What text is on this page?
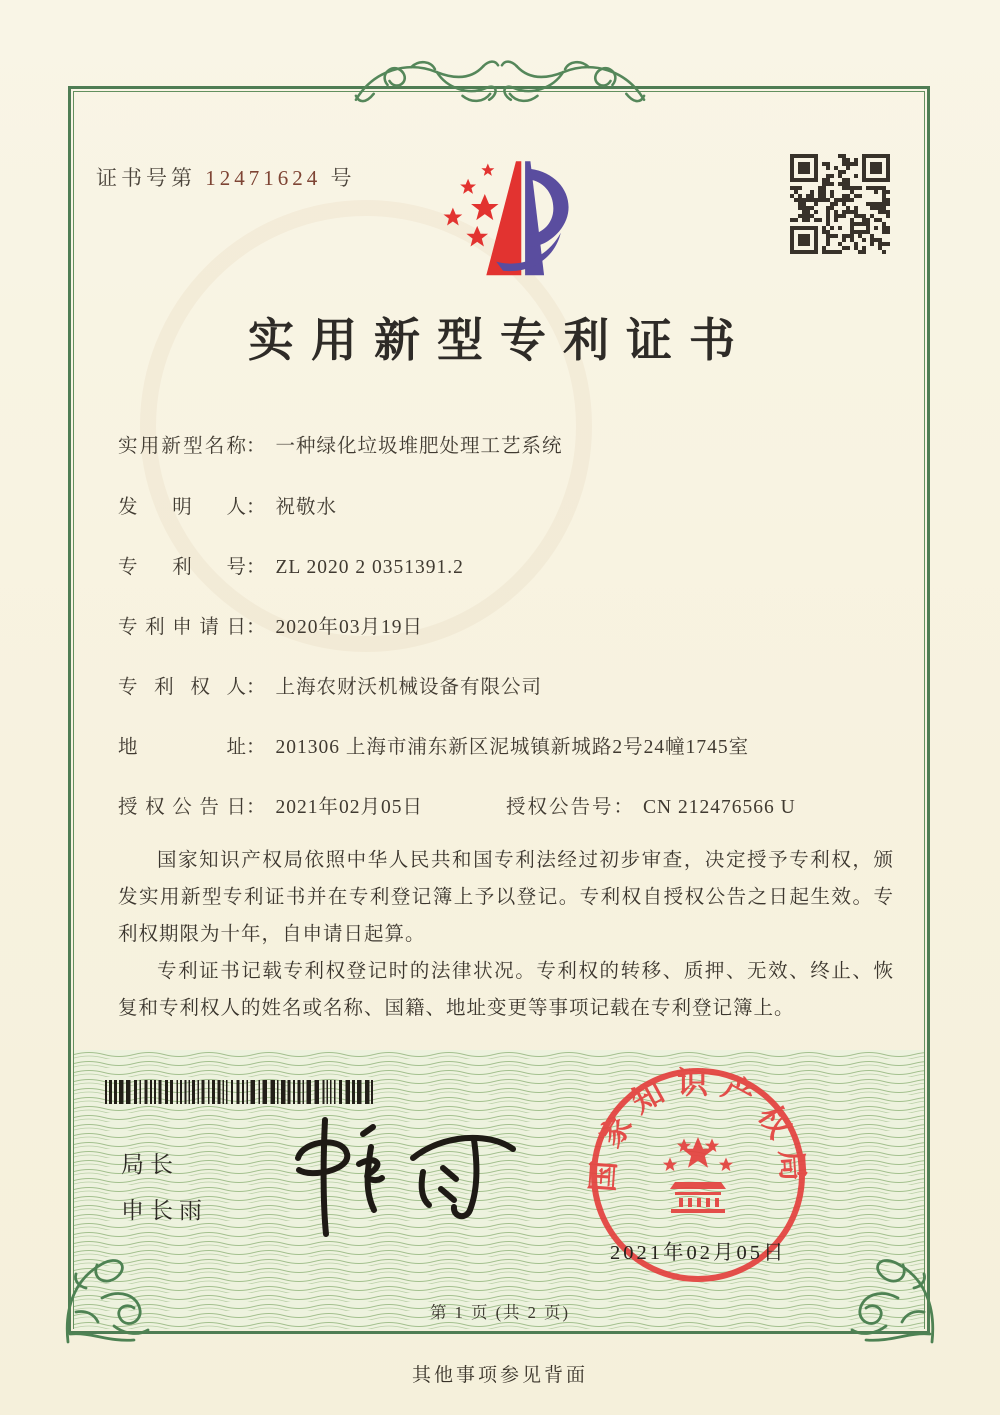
证书号第 12471624 号
实用新型专利证书
实用新型名称： 一种绿化垃圾堆肥处理工艺系统
发明人： 祝敬水
专利号： ZL 2020 2 0351391.2
专利申请日： 2020年03月19日
专利权人： 上海农财沃机械设备有限公司
地址： 201306 上海市浦东新区泥城镇新城路2号24幢1745室
授权公告日： 2021年02月05日	授权公告号： CN 212476566 U

国家知识产权局依照中华人民共和国专利法经过初步审查，决定授予专利权，颁发实用新型专利证书并在专利登记簿上予以登记。专利权自授权公告之日起生效。专利权期限为十年，自申请日起算。

专利证书记载专利权登记时的法律状况。专利权的转移、质押、无效、终止、恢复和专利权人的姓名或名称、国籍、地址变更等事项记载在专利登记簿上。

局长
申长雨
国家知识产权局
2021年02月05日
第 1 页 (共 2 页)
其他事项参见背面
